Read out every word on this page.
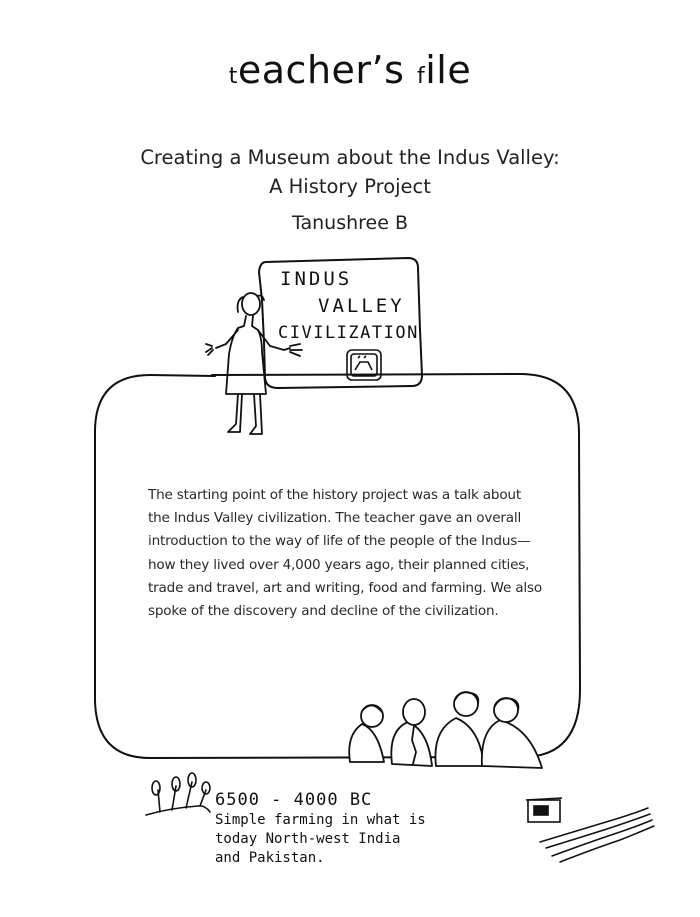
teacher’s file
Creating a Museum about the Indus Valley:
A History Project
Tanushree B
INDUS
VALLEY
CIVILIZATION
The starting point of the history project was a talk about the Indus Valley civilization. The teacher gave an overall introduction to the way of life of the people of the Indus—how they lived over 4,000 years ago, their planned cities, trade and travel, art and writing, food and farming. We also spoke of the discovery and decline of the civilization.
6500 - 4000 BC
Simple farming in what is
today North-west India
and Pakistan.
